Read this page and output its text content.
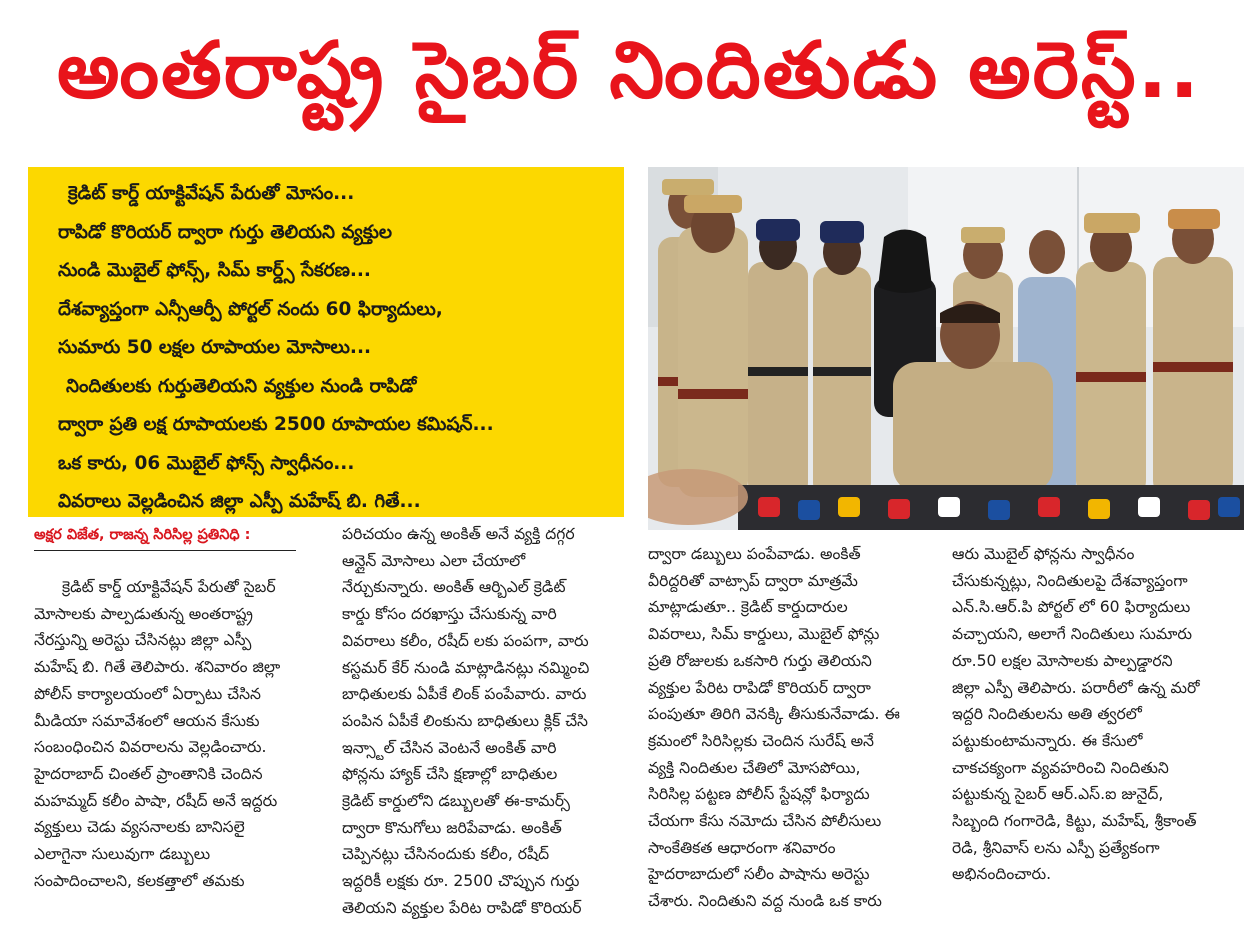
అంతరాష్ట్ర సైబర్ నిందితుడు అరెస్ట్..
క్రెడిట్ కార్డ్ యాక్టివేషన్ పేరుతో మోసం...
రాపిడో కొరియర్ ద్వారా గుర్తు తెలియని వ్యక్తుల
నుండి మొబైల్ ఫోన్స్, సిమ్ కార్డ్స్ సేకరణ...
దేశవ్యాప్తంగా ఎన్సీఆర్పీ పోర్టల్ నందు 60 ఫిర్యాదులు,
సుమారు 50 లక్షల రూపాయల మోసాలు...
నిందితులకు గుర్తుతెలియని వ్యక్తుల నుండి రాపిడో
ద్వారా ప్రతి లక్ష రూపాయలకు 2500 రూపాయల కమిషన్...
ఒక కారు, 06 మొబైల్ ఫోన్స్ స్వాధీనం...
వివరాలు వెల్లడించిన జిల్లా ఎస్పీ మహేష్ బి. గితే...
అక్షర విజేత, రాజన్న సిరిసిల్ల ప్రతినిధి :

క్రెడిట్ కార్డ్ యాక్టివేషన్ పేరుతో సైబర్

మోసాలకు పాల్పడుతున్న అంతరాష్ట్ర

నేరస్తున్ని అరెస్టు చేసినట్లు జిల్లా ఎస్పీ

మహేష్ బి. గితే తెలిపారు. శనివారం జిల్లా

పోలీస్ కార్యాలయంలో ఏర్పాటు చేసిన

మీడియా సమావేశంలో ఆయన కేసుకు

సంబంధించిన వివరాలను వెల్లడించారు.

హైదరాబాద్ చింతల్ ప్రాంతానికి చెందిన

మహమ్మద్ కలీం పాషా, రషీద్ అనే ఇద్దరు

వ్యక్తులు చెడు వ్యసనాలకు బానిసలై

ఎలాగైనా సులువుగా డబ్బులు

సంపాదించాలని, కలకత్తాలో తమకు

పరిచయం ఉన్న అంకిత్ అనే వ్యక్తి దగ్గర

ఆన్లైన్ మోసాలు ఎలా చేయాలో

నేర్చుకున్నారు. అంకిత్ ఆర్బిఎల్ క్రెడిట్

కార్డు కోసం దరఖాస్తు చేసుకున్న వారి

వివరాలు కలీం, రషీద్ లకు పంపగా, వారు

కస్టమర్ కేర్ నుండి మాట్లాడినట్లు నమ్మించి

బాధితులకు ఏపీకే లింక్ పంపేవారు. వారు

పంపిన ఏపీకే లింకును బాధితులు క్లిక్ చేసి

ఇన్స్టాల్ చేసిన వెంటనే అంకిత్ వారి

ఫోన్లను హ్యాక్ చేసి క్షణాల్లో బాధితుల

క్రెడిట్ కార్డులోని డబ్బులతో ఈ-కామర్స్

ద్వారా కొనుగోలు జరిపేవాడు. అంకిత్

చెప్పినట్లు చేసినందుకు కలీం, రషీద్

ఇద్దరికీ లక్షకు రూ. 2500 చొప్పున గుర్తు

తెలియని వ్యక్తుల పేరిట రాపిడో కొరియర్

ద్వారా డబ్బులు పంపేవాడు. అంకిత్

వీరిద్దరితో వాట్సాప్ ద్వారా మాత్రమే

మాట్లాడుతూ.. క్రెడిట్ కార్డుదారుల

వివరాలు, సిమ్ కార్డులు, మొబైల్ ఫోన్లు

ప్రతి రోజులకు ఒకసారి గుర్తు తెలియని

వ్యక్తుల పేరిట రాపిడో కొరియర్ ద్వారా

పంపుతూ తిరిగి వెనక్కి తీసుకునేవాడు. ఈ

క్రమంలో సిరిసిల్లకు చెందిన సురేష్ అనే

వ్యక్తి నిందితుల చేతిలో మోసపోయి,

సిరిసిల్ల పట్టణ పోలీస్ స్టేషన్లో ఫిర్యాదు

చేయగా కేసు నమోదు చేసిన పోలీసులు

సాంకేతికత ఆధారంగా శనివారం

హైదరాబాదులో సలీం పాషాను అరెస్టు

చేశారు. నిందితుని వద్ద నుండి ఒక కారు

ఆరు మొబైల్ ఫోన్లను స్వాధీనం

చేసుకున్నట్లు, నిందితులపై దేశవ్యాప్తంగా

ఎన్.సి.ఆర్.పి పోర్టల్ లో 60 ఫిర్యాదులు

వచ్చాయని, అలాగే నిందితులు సుమారు

రూ.50 లక్షల మోసాలకు పాల్పడ్డారని

జిల్లా ఎస్పీ తెలిపారు. పరారీలో ఉన్న మరో

ఇద్దరి నిందితులను అతి త్వరలో

పట్టుకుంటామన్నారు. ఈ కేసులో

చాకచక్యంగా వ్యవహరించి నిందితుని

పట్టుకున్న సైబర్ ఆర్.ఎస్.ఐ జునైద్,

సిబ్బంది గంగారెడి, కిట్టు, మహేష్, శ్రీకాంత్

రెడి, శ్రీనివాస్ లను ఎస్పీ ప్రత్యేకంగా

అభినందించారు.
